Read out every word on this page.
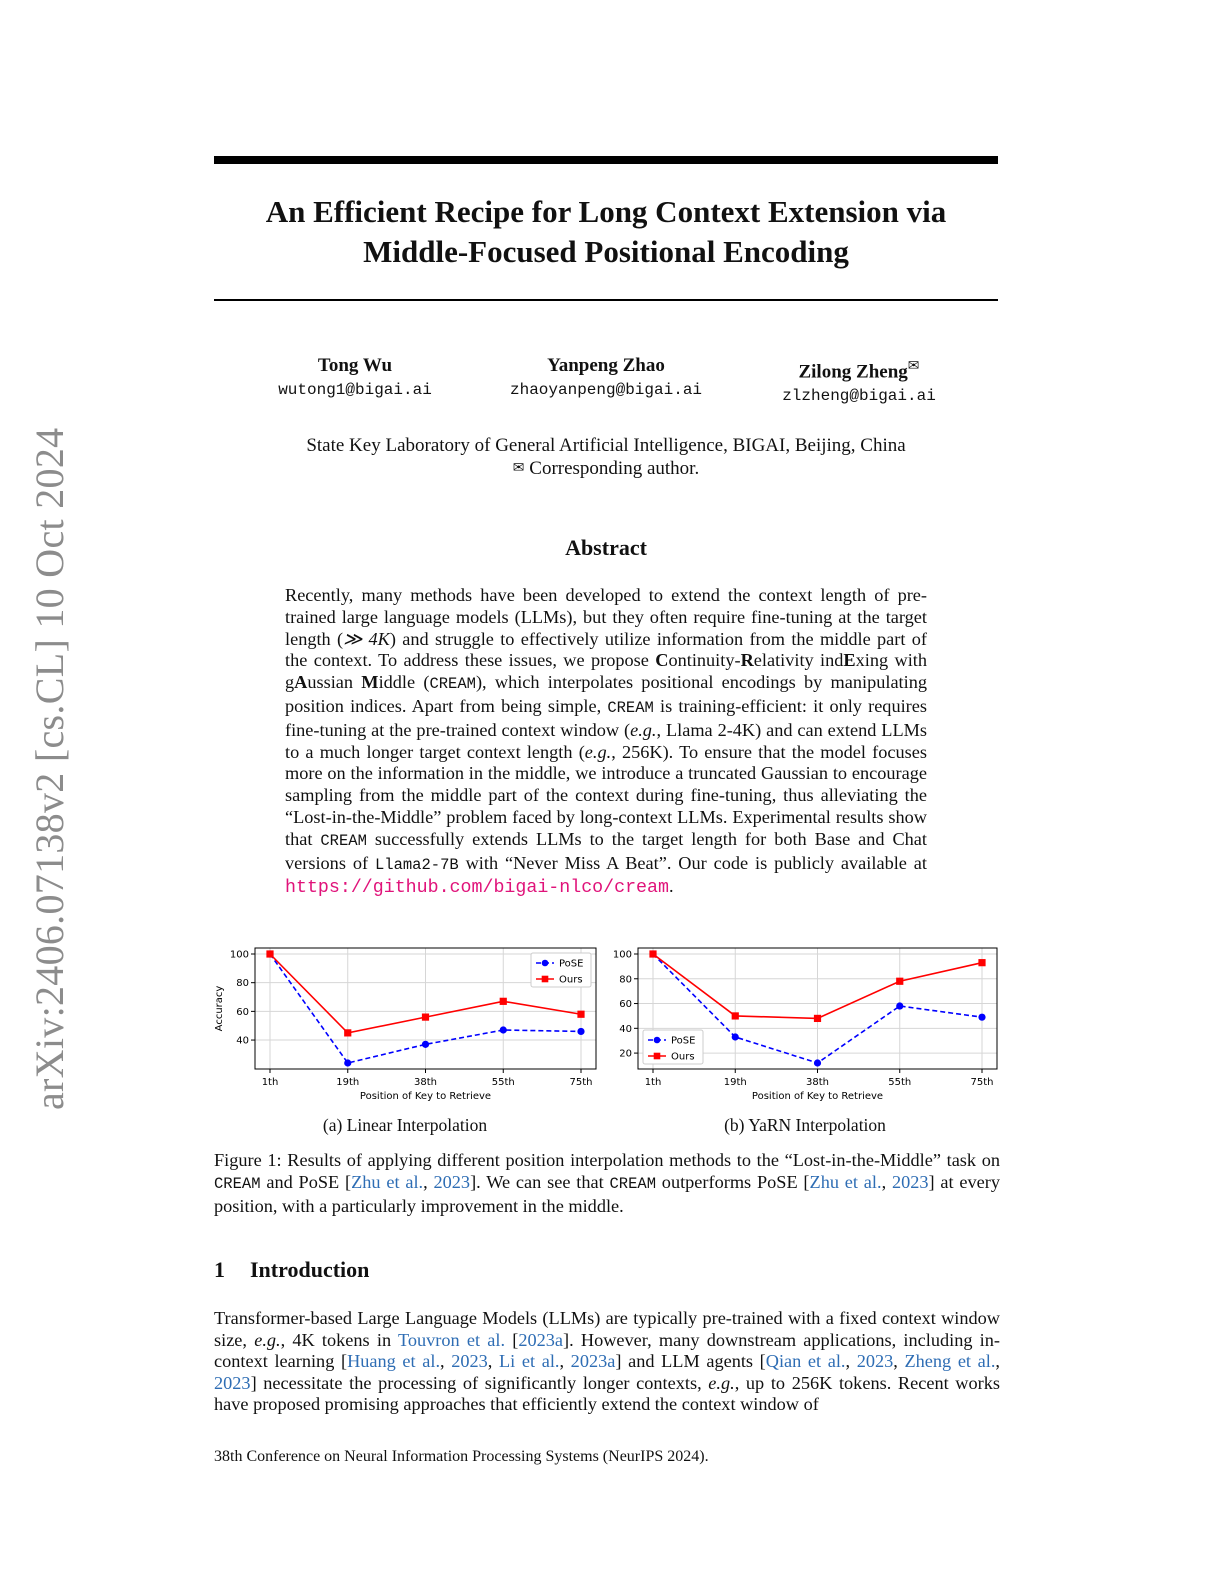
arXiv:2406.07138v2 [cs.CL] 10 Oct 2024
An Efficient Recipe for Long Context Extension via
Middle-Focused Positional Encoding
Tong Wu
wutong1@bigai.ai
Yanpeng Zhao
zhaoyanpeng@bigai.ai
Zilong Zheng✉
zlzheng@bigai.ai
State Key Laboratory of General Artificial Intelligence, BIGAI, Beijing, China
✉ Corresponding author.
Abstract

Recently, many methods have been developed to extend the context length of pre-trained large language models (LLMs), but they often require fine-tuning at the target length (≫ 4K) and struggle to effectively utilize information from the middle part of the context. To address these issues, we propose Continuity-Relativity indExing with gAussian Middle (CREAM), which interpolates positional encodings by manipulating position indices. Apart from being simple, CREAM is training-efficient: it only requires fine-tuning at the pre-trained context window (e.g., Llama 2-4K) and can extend LLMs to a much longer target context length (e.g., 256K). To ensure that the model focuses more on the information in the middle, we introduce a truncated Gaussian to encourage sampling from the middle part of the context during fine-tuning, thus alleviating the “Lost-in-the-Middle” problem faced by long-context LLMs. Experimental results show that CREAM successfully extends LLMs to the target length for both Base and Chat versions of Llama2-7B with “Never Miss A Beat”. Our code is publicly available at https://github.com/bigai-nlco/cream.

1th	19th	38th	55th	75th
40
60
80
100
Position of Key to Retrieve
Accuracy
PoSE
Ours
1th	19th	38th	55th	75th
20
40
60
80
100
Position of Key to Retrieve
PoSE
Ours
(a) Linear Interpolation	(b) YaRN Interpolation

Figure 1: Results of applying different position interpolation methods to the “Lost-in-the-Middle” task on CREAM and PoSE [Zhu et al., 2023]. We can see that CREAM outperforms PoSE [Zhu et al., 2023] at every position, with a particularly improvement in the middle.

1 Introduction

Transformer-based Large Language Models (LLMs) are typically pre-trained with a fixed context window size, e.g., 4K tokens in Touvron et al. [2023a]. However, many downstream applications, including in-context learning [Huang et al., 2023, Li et al., 2023a] and LLM agents [Qian et al., 2023, Zheng et al., 2023] necessitate the processing of significantly longer contexts, e.g., up to 256K tokens. Recent works have proposed promising approaches that efficiently extend the context window of

38th Conference on Neural Information Processing Systems (NeurIPS 2024).
